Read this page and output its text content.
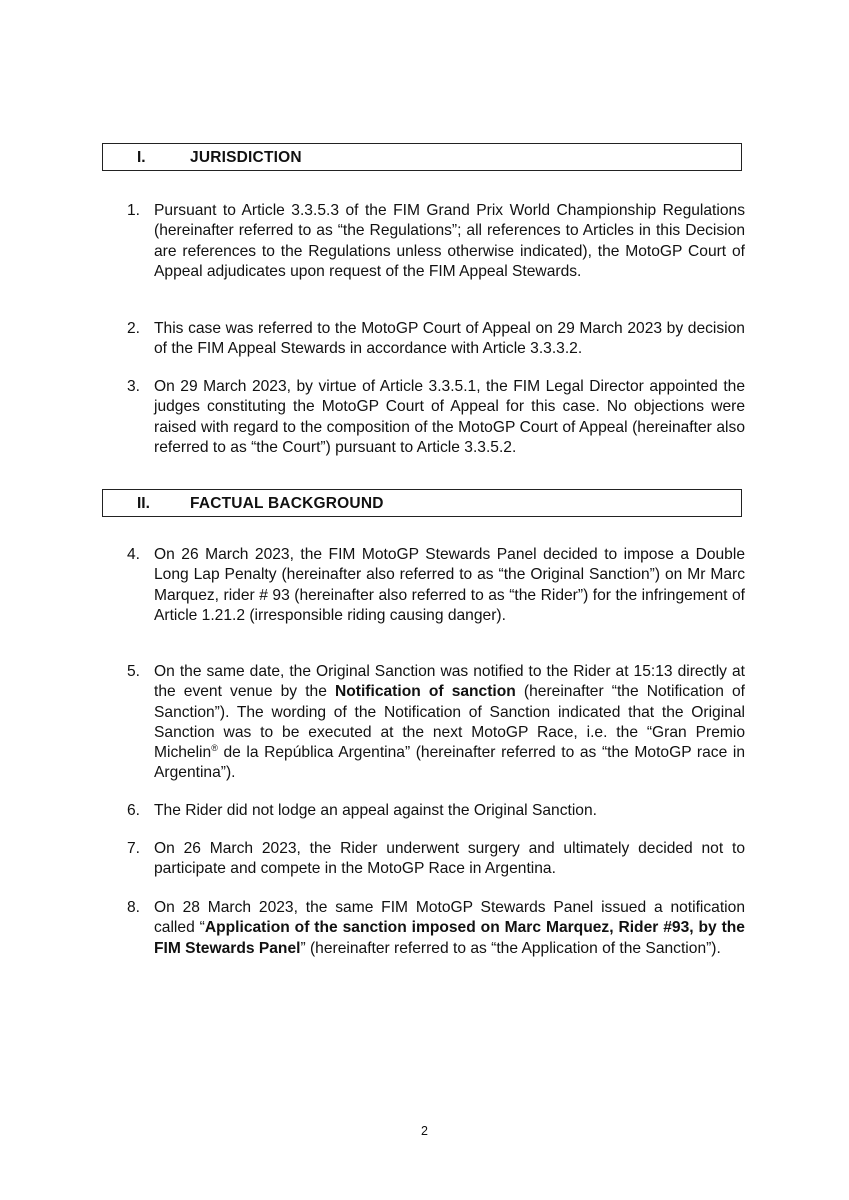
I.	JURISDICTION
1. Pursuant to Article 3.3.5.3 of the FIM Grand Prix World Championship Regulations (hereinafter referred to as “the Regulations”; all references to Articles in this Decision are references to the Regulations unless otherwise indicated), the MotoGP Court of Appeal adjudicates upon request of the FIM Appeal Stewards.
2. This case was referred to the MotoGP Court of Appeal on 29 March 2023 by decision of the FIM Appeal Stewards in accordance with Article 3.3.3.2.
3. On 29 March 2023, by virtue of Article 3.3.5.1, the FIM Legal Director appointed the judges constituting the MotoGP Court of Appeal for this case. No objections were raised with regard to the composition of the MotoGP Court of Appeal (hereinafter also referred to as “the Court”) pursuant to Article 3.3.5.2.
II.	FACTUAL BACKGROUND
4. On 26 March 2023, the FIM MotoGP Stewards Panel decided to impose a Double Long Lap Penalty (hereinafter also referred to as “the Original Sanction”) on Mr Marc Marquez, rider # 93 (hereinafter also referred to as “the Rider”) for the infringement of Article 1.21.2 (irresponsible riding causing danger).
5. On the same date, the Original Sanction was notified to the Rider at 15:13 directly at the event venue by the Notification of sanction (hereinafter “the Notification of Sanction”). The wording of the Notification of Sanction indicated that the Original Sanction was to be executed at the next MotoGP Race, i.e. the “Gran Premio Michelin® de la República Argentina” (hereinafter referred to as “the MotoGP race in Argentina”).
6. The Rider did not lodge an appeal against the Original Sanction.
7. On 26 March 2023, the Rider underwent surgery and ultimately decided not to participate and compete in the MotoGP Race in Argentina.
8. On 28 March 2023, the same FIM MotoGP Stewards Panel issued a notification called “Application of the sanction imposed on Marc Marquez, Rider #93, by the FIM Stewards Panel” (hereinafter referred to as “the Application of the Sanction”).
2
